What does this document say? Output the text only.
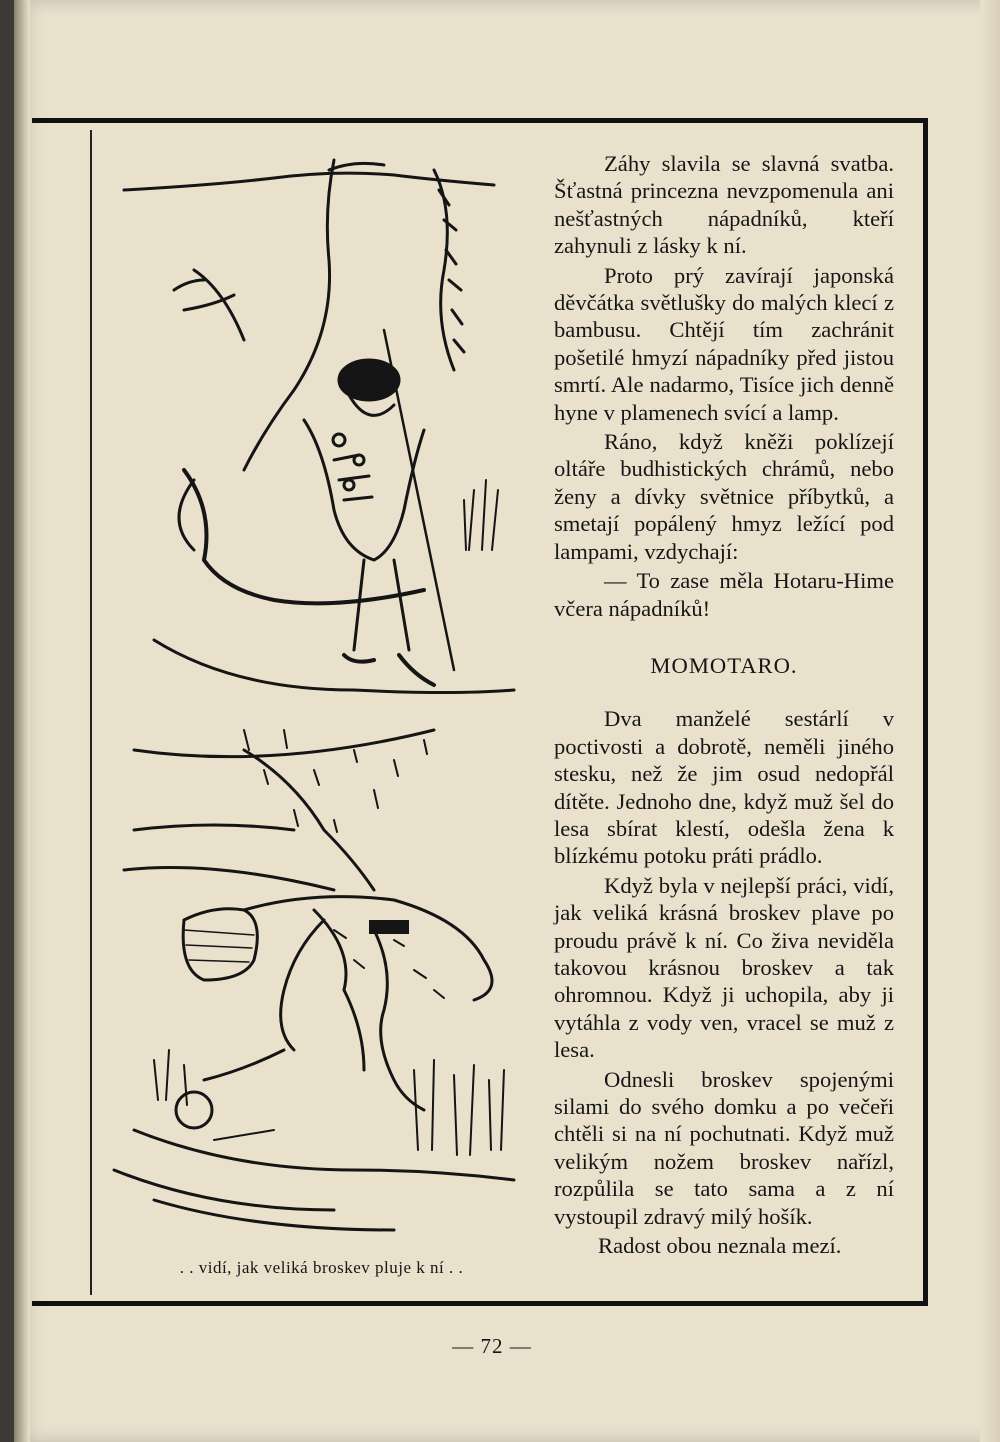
. . vidí, jak veliká broskev pluje k ní . .

Záhy slavila se slavná svatba. Šťastná princezna nevzpomenula ani nešťastných nápadníků, kteří zahynuli z lásky k ní.

Proto prý zavírají japonská děvčátka světlušky do malých klecí z bambusu. Chtějí tím zachránit pošetilé hmyzí nápadníky před jistou smrtí. Ale nadarmo, Tisíce jich denně hyne v plamenech svící a lamp.

Ráno, když kněži poklízejí oltáře budhistických chrámů, nebo ženy a dívky světnice příbytků, a smetají popálený hmyz ležící pod lampami, vzdychají:

— To zase měla Hotaru-Hime včera nápadníků!

MOMOTARO.

Dva manželé sestárlí v poctivosti a dobrotě, neměli jiného stesku, než že jim osud nedopřál dítěte. Jednoho dne, když muž šel do lesa sbírat klestí, odešla žena k blízkému potoku práti prádlo.

Když byla v nejlepší práci, vidí, jak veliká krásná broskev plave po proudu právě k ní. Co živa neviděla takovou krásnou broskev a tak ohromnou. Když ji uchopila, aby ji vytáhla z vody ven, vracel se muž z lesa.

Odnesli broskev spojenými silami do svého domku a po večeři chtěli si na ní pochutnati. Když muž velikým nožem broskev nařízl, rozpůlila se tato sama a z ní vystoupil zdravý milý hošík.

Radost obou neznala mezí.

— 72 —
